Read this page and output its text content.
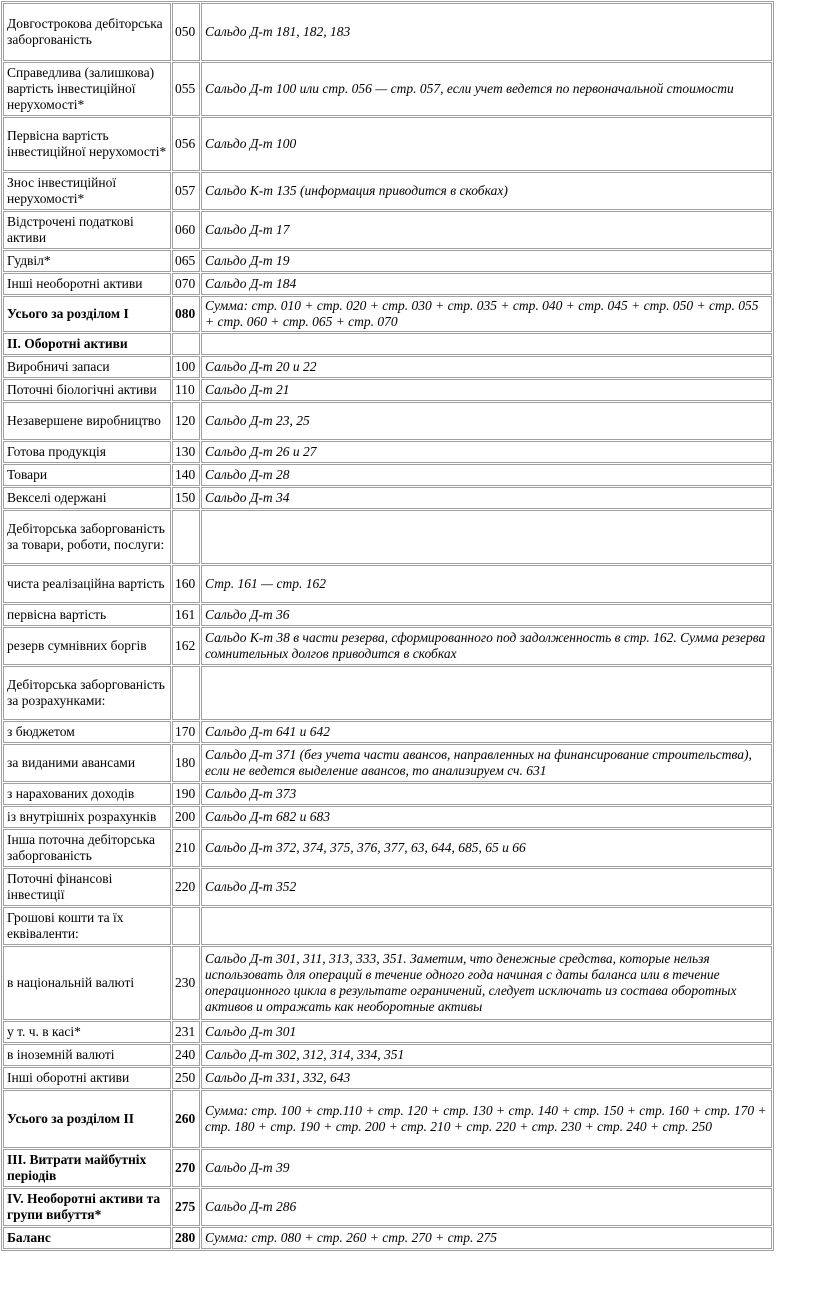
Довгострокова дебіторська заборгованість	050	Сальдо Д-т 181, 182, 183
Справедлива (залишкова) вартість інвестиційної нерухомості*	055	Сальдо Д-т 100 или стр. 056 — стр. 057, если учет ведется по первоначальной стоимости
Первісна вартість інвестиційної нерухомості*	056	Сальдо Д-т 100
Знос інвестиційної нерухомості*	057	Сальдо К-т 135 (информация приводится в скобках)
Відстрочені податкові активи	060	Сальдо Д-т 17
Гудвіл*	065	Сальдо Д-т 19
Інші необоротні активи	070	Сальдо Д-т 184
Усього за розділом I	080	Сумма: стр. 010 + стр. 020 + стр. 030 + стр. 035 + стр. 040 + стр. 045 + стр. 050 + стр. 055 + стр. 060 + стр. 065 + стр. 070
II. Оборотні активи		
Виробничі запаси	100	Сальдо Д-т 20 и 22
Поточні біологічні активи	110	Сальдо Д-т 21
Незавершене виробництво	120	Сальдо Д-т 23, 25
Готова продукція	130	Сальдо Д-т 26 и 27
Товари	140	Сальдо Д-т 28
Векселі одержані	150	Сальдо Д-т 34
Дебіторська заборгованість за товари, роботи, послуги:		
чиста реалізаційна вартість	160	Стр. 161 — стр. 162
первісна вартість	161	Сальдо Д-т 36
резерв сумнівних боргів	162	Сальдо К-т 38 в части резерва, сформированного под задолженность в стр. 162. Сумма резерва сомнительных долгов приводится в скобках
Дебіторська заборгованість за розрахунками:		
з бюджетом	170	Сальдо Д-т 641 и 642
за виданими авансами	180	Сальдо Д-т 371 (без учета части авансов, направленных на финансирование строительства), если не ведется выделение авансов, то анализируем сч. 631
з нарахованих доходів	190	Сальдо Д-т 373
із внутрішніх розрахунків	200	Сальдо Д-т 682 и 683
Інша поточна дебіторська заборгованість	210	Сальдо Д-т 372, 374, 375, 376, 377, 63, 644, 685, 65 и 66
Поточні фінансові інвестиції	220	Сальдо Д-т 352
Грошові кошти та їх еквіваленти:		
в національній валюті	230	Сальдо Д-т 301, 311, 313, 333, 351. Заметим, что денежные средства, которые нельзя использовать для операций в течение одного года начиная с даты баланса или в течение операционного цикла в результате ограничений, следует исключать из состава оборотных активов и отражать как необоротные активы
у т. ч. в касі*	231	Сальдо Д-т 301
в іноземній валюті	240	Сальдо Д-т 302, 312, 314, 334, 351
Інші оборотні активи	250	Сальдо Д-т 331, 332, 643
Усього за розділом II	260	Сумма: стр. 100 + стр.110 + стр. 120 + стр. 130 + стр. 140 + стр. 150 + стр. 160 + стр. 170 + стр. 180 + стр. 190 + стр. 200 + стр. 210 + стр. 220 + стр. 230 + стр. 240 + стр. 250
III. Витрати майбутніх періодів	270	Сальдо Д-т 39
IV. Необоротні активи та групи вибуття*	275	Сальдо Д-т 286
Баланс	280	Сумма: стр. 080 + стр. 260 + стр. 270 + стр. 275
